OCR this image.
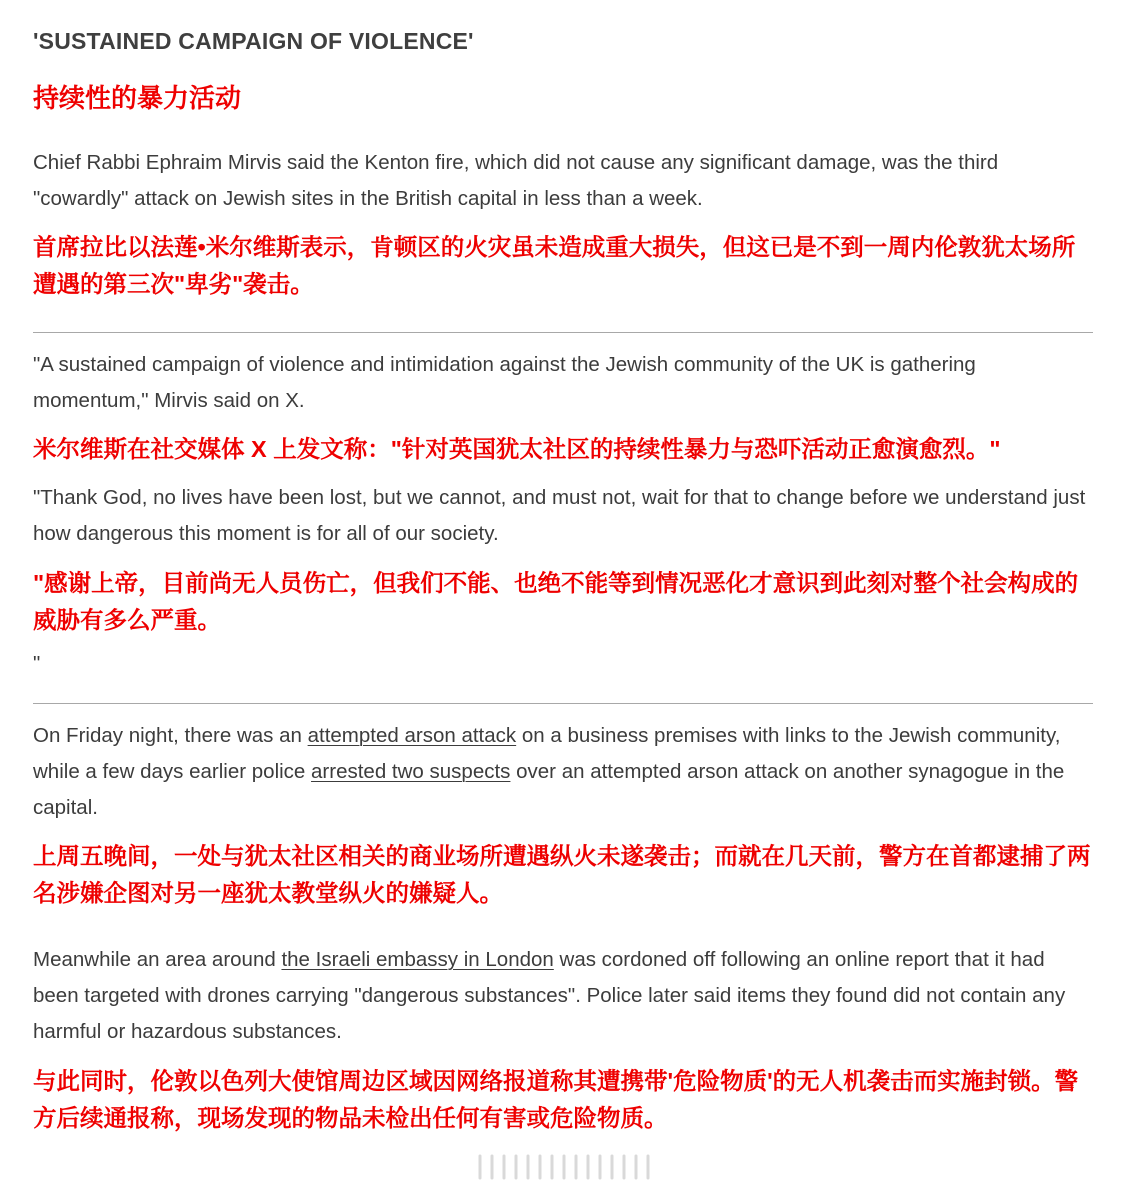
'SUSTAINED CAMPAIGN OF VIOLENCE'
持续性的暴力活动

Chief Rabbi Ephraim Mirvis said the Kenton fire, which did not cause any significant damage, was the third "cowardly" attack on Jewish sites in the British capital in less than a week.

首席拉比以法莲•米尔维斯表示，肯顿区的火灾虽未造成重大损失，但这已是不到一周内伦敦犹太场所遭遇的第三次"卑劣"袭击。

"A sustained campaign of violence and intimidation against the Jewish community of the UK is gathering momentum," Mirvis said on X.

米尔维斯在社交媒体 X 上发文称："针对英国犹太社区的持续性暴力与恐吓活动正愈演愈烈。"

"Thank God, no lives have been lost, but we cannot, and must not, wait for that to change before we understand just how dangerous this moment is for all of our society.

"感谢上帝，目前尚无人员伤亡，但我们不能、也绝不能等到情况恶化才意识到此刻对整个社会构成的威胁有多么严重。

"

On Friday night, there was an attempted arson attack on a business premises with links to the Jewish community, while a few days earlier police arrested two suspects over an attempted arson attack on another synagogue in the capital.

上周五晚间，一处与犹太社区相关的商业场所遭遇纵火未遂袭击；而就在几天前，警方在首都逮捕了两名涉嫌企图对另一座犹太教堂纵火的嫌疑人。

Meanwhile an area around the Israeli embassy in London was cordoned off following an online report that it had been targeted with drones carrying "dangerous substances". Police later said items they found did not contain any harmful or hazardous substances.

与此同时，伦敦以色列大使馆周边区域因网络报道称其遭携带'危险物质'的无人机袭击而实施封锁。警方后续通报称，现场发现的物品未检出任何有害或危险物质。
